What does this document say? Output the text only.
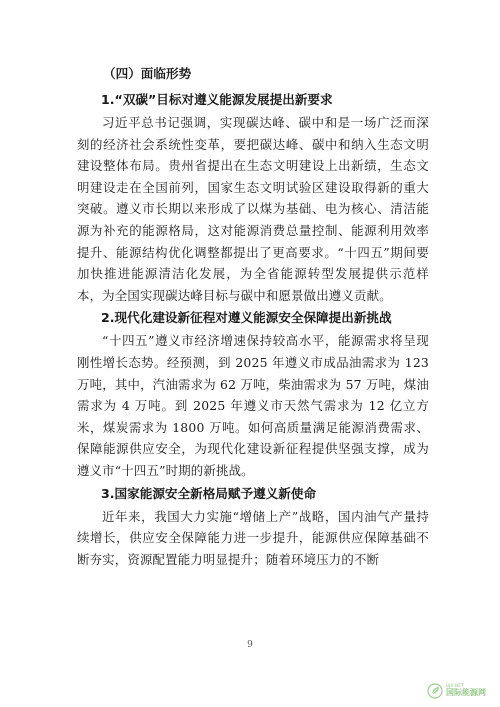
（四）面临形势

1.“双碳”目标对遵义能源发展提出新要求

习近平总书记强调，实现碳达峰、碳中和是一场广泛而深刻的经济社会系统性变革，要把碳达峰、碳中和纳入生态文明建设整体布局。贵州省提出在生态文明建设上出新绩，生态文明建设走在全国前列，国家生态文明试验区建设取得新的重大突破。遵义市长期以来形成了以煤为基础、电为核心、清洁能源为补充的能源格局，这对能源消费总量控制、能源利用效率提升、能源结构优化调整都提出了更高要求。“十四五”期间要加快推进能源清洁化发展，为全省能源转型发展提供示范样本，为全国实现碳达峰目标与碳中和愿景做出遵义贡献。

2.现代化建设新征程对遵义能源安全保障提出新挑战

“十四五”遵义市经济增速保持较高水平，能源需求将呈现刚性增长态势。经预测，到 2025 年遵义市成品油需求为 123 万吨，其中，汽油需求为 62 万吨，柴油需求为 57 万吨，煤油需求为 4 万吨。到 2025 年遵义市天然气需求为 12 亿立方米，煤炭需求为 1800 万吨。如何高质量满足能源消费需求、保障能源供应安全，为现代化建设新征程提供坚强支撑，成为遵义市“十四五”时期的新挑战。

3.国家能源安全新格局赋予遵义新使命

近年来，我国大力实施“增储上产”战略，国内油气产量持续增长，供应安全保障能力进一步提升，能源供应保障基础不断夯实，资源配置能力明显提升；随着环境压力的不断

9
BJX.NET
国际能源网
